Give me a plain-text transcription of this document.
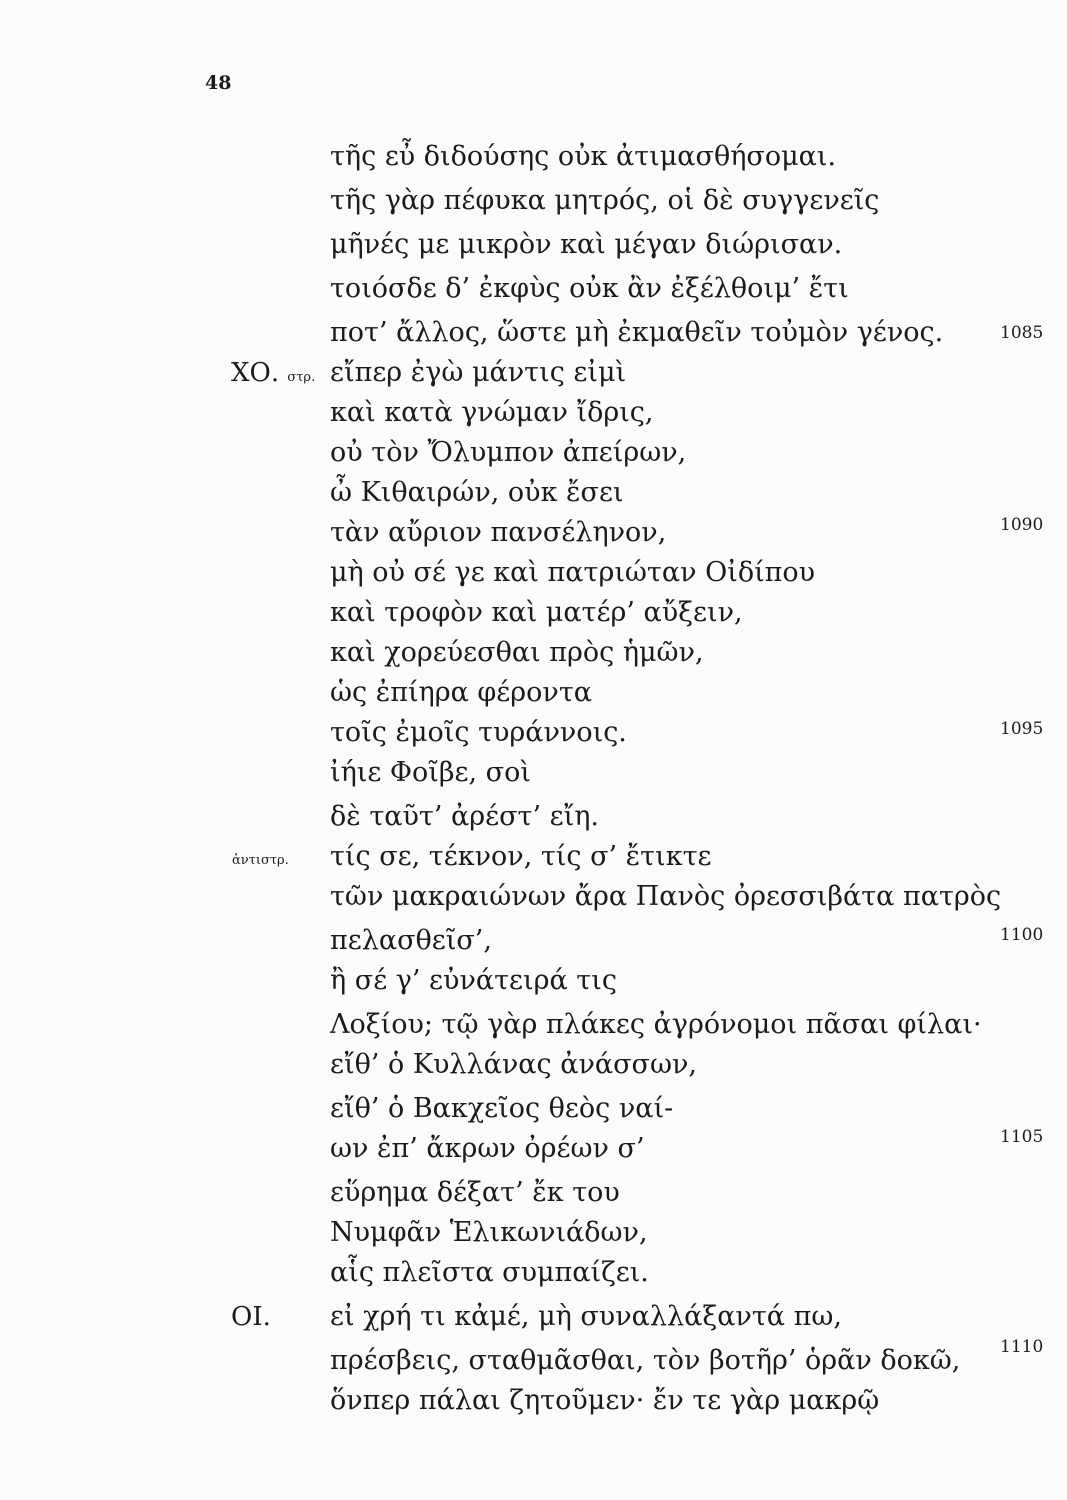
48
τῆς εὖ διδούσης οὐκ ἀτιμασθήσομαι.
τῆς γὰρ πέφυκα μητρός, οἱ δὲ συγγενεῖς
μῆνές με μικρὸν καὶ μέγαν διώρισαν.
τοιόσδε δ’ ἐκφὺς οὐκ ἂν ἐξέλθοιμ’ ἔτι
ποτ’ ἄλλος, ὥστε μὴ ἐκμαθεῖν τοὐμὸν γένος.
εἴπερ ἐγὼ μάντις εἰμὶ
καὶ κατὰ γνώμαν ἴδρις,
οὐ τὸν Ὄλυμπον ἀπείρων,
ὦ Κιθαιρών, οὐκ ἔσει
τὰν αὔριον πανσέληνον,
μὴ οὐ σέ γε καὶ πατριώταν Οἰδίπου
καὶ τροφὸν καὶ ματέρ’ αὔξειν,
καὶ χορεύεσθαι πρὸς ἡμῶν,
ὡς ἐπίηρα φέροντα
τοῖς ἐμοῖς τυράννοις.
ἰήιε Φοῖβε, σοὶ
δὲ ταῦτ’ ἀρέστ’ εἴη.
τίς σε, τέκνον, τίς σ’ ἔτικτε
τῶν μακραιώνων ἄρα Πανὸς ὀρεσσιβάτα πατρὸς
πελασθεῖσ’,
ἢ σέ γ’ εὐνάτειρά τις
Λοξίου; τῷ γὰρ πλάκες ἀγρόνομοι πᾶσαι φίλαι·
εἴθ’ ὁ Κυλλάνας ἀνάσσων,
εἴθ’ ὁ Βακχεῖος θεὸς ναί-
ων ἐπ’ ἄκρων ὀρέων σ’
εὕρημα δέξατ’ ἔκ του
Νυμφᾶν Ἑλικωνιάδων,
αἷς πλεῖστα συμπαίζει.
εἰ χρή τι κἀμέ, μὴ συναλλάξαντά πω,
πρέσβεις, σταθμᾶσθαι, τὸν βοτῆρ’ ὁρᾶν δοκῶ,
ὅνπερ πάλαι ζητοῦμεν· ἔν τε γὰρ μακρῷ
ΧΟ. στρ.
ἀντιστρ.
ΟΙ.
1085
1090
1095
1100
1105
1110
